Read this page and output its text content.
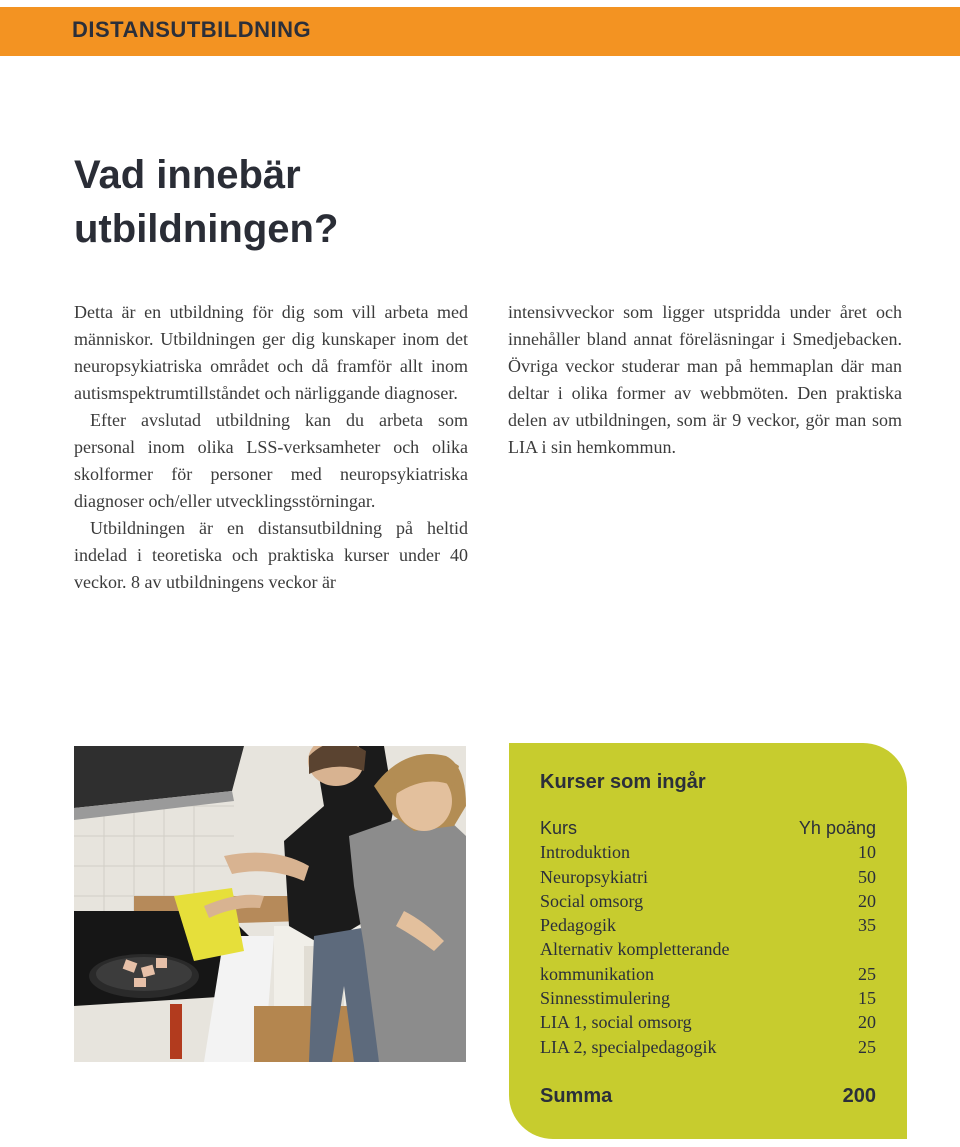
DISTANSUTBILDNING
Vad innebär
utbildningen?

Detta är en utbildning för dig som vill arbeta med människor. Utbildningen ger dig kunskaper inom det neuropsykiatriska området och då framför allt inom autismspektrumtillståndet och närliggande diagnoser.

Efter avslutad utbildning kan du arbeta som personal inom olika LSS-verksamheter och olika skolformer för personer med neuropsykiatriska diagnoser och/eller utvecklingsstörningar.

Utbildningen är en distansutbildning på heltid indelad i teoretiska och praktiska kurser under 40 veckor. 8 av utbildningens veckor är

intensivveckor som ligger utspridda under året och innehåller bland annat föreläsningar i Smedjebacken. Övriga veckor studerar man på hemmaplan där man deltar i olika former av webbmöten. Den praktiska delen av utbildningen, som är 9 veckor, gör man som LIA i sin hemkommun.

Kurser som ingår
Kurs	Yh poäng
Introduktion	10
Neuropsykiatri	50
Social omsorg	20
Pedagogik	35
Alternativ kompletterande	
kommunikation	25
Sinnesstimulering	15
LIA 1, social omsorg	20
LIA 2, specialpedagogik	25
Summa	200
